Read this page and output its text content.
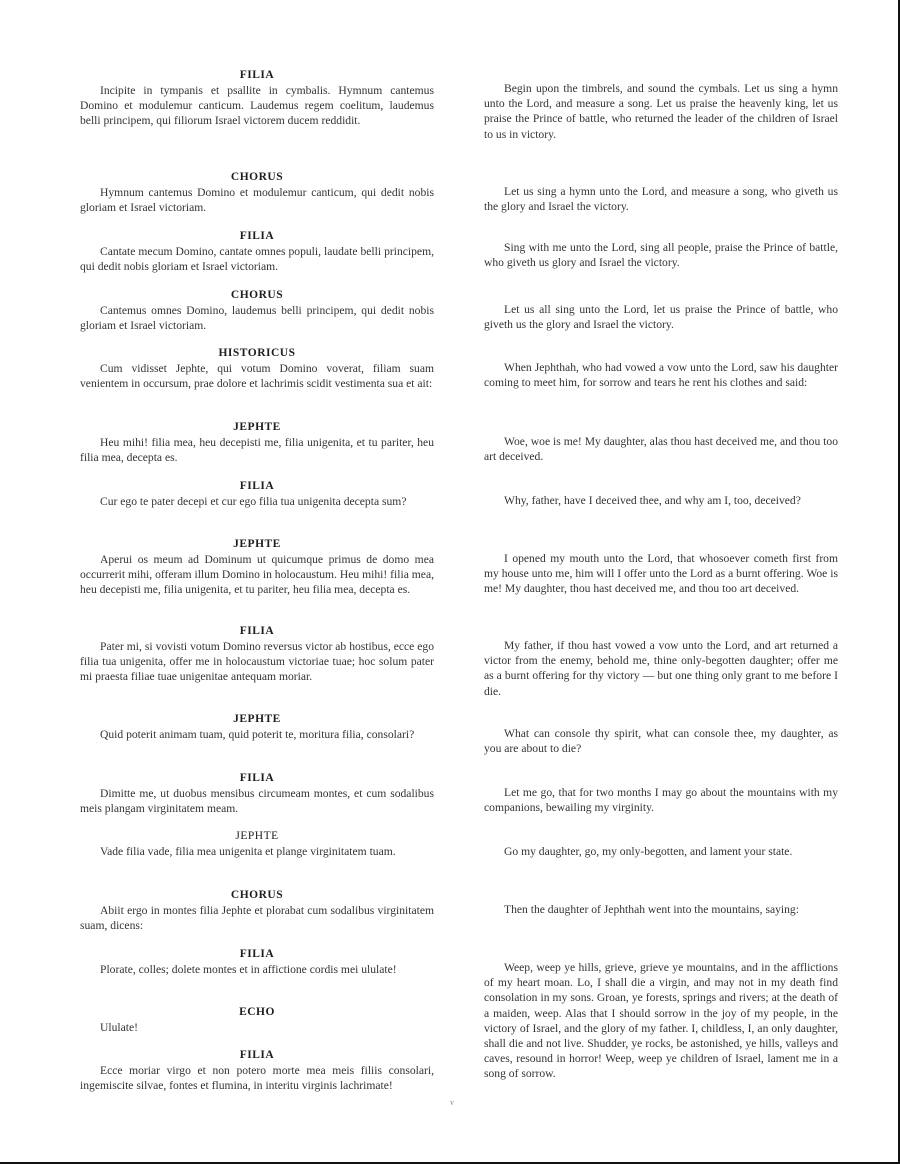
FILIA

Incipite in tympanis et psallite in cymbalis. Hymnum cantemus Domino et modulemur canticum. Laudemus regem coelitum, laudemus belli principem, qui filiorum Israel victorem ducem reddidit.

CHORUS

Hymnum cantemus Domino et modulemur canticum, qui dedit nobis gloriam et Israel victoriam.

FILIA

Cantate mecum Domino, cantate omnes populi, laudate belli principem, qui dedit nobis gloriam et Israel victoriam.

CHORUS

Cantemus omnes Domino, laudemus belli principem, qui dedit nobis gloriam et Israel victoriam.

HISTORICUS

Cum vidisset Jephte, qui votum Domino voverat, filiam suam venientem in occursum, prae dolore et lachrimis scidit vestimenta sua et ait:

JEPHTE

Heu mihi! filia mea, heu decepisti me, filia unigenita, et tu pariter, heu filia mea, decepta es.

FILIA

Cur ego te pater decepi et cur ego filia tua unigenita decepta sum?

JEPHTE

Aperui os meum ad Dominum ut quicumque primus de domo mea occurrerit mihi, offeram illum Domino in holocaustum. Heu mihi! filia mea, heu decepisti me, filia unigenita, et tu pariter, heu filia mea, decepta es.

FILIA

Pater mi, si vovisti votum Domino reversus victor ab hostibus, ecce ego filia tua unigenita, offer me in holocaustum victoriae tuae; hoc solum pater mi praesta filiae tuae unigenitae antequam moriar.

JEPHTE

Quid poterit animam tuam, quid poterit te, moritura filia, consolari?

FILIA

Dimitte me, ut duobus mensibus circumeam montes, et cum sodalibus meis plangam virginitatem meam.

JEPHTE

Vade filia vade, filia mea unigenita et plange virginitatem tuam.

CHORUS

Abiit ergo in montes filia Jephte et plorabat cum sodalibus virginitatem suam, dicens:

FILIA

Plorate, colles; dolete montes et in affictione cordis mei ululate!

ECHO

Ululate!

FILIA

Ecce moriar virgo et non potero morte mea meis filiis consolari, ingemiscite silvae, fontes et flumina, in interitu virginis lachrimate!

Begin upon the timbrels, and sound the cymbals. Let us sing a hymn unto the Lord, and measure a song. Let us praise the heavenly king, let us praise the Prince of battle, who returned the leader of the children of Israel to us in victory.

Let us sing a hymn unto the Lord, and measure a song, who giveth us the glory and Israel the victory.

Sing with me unto the Lord, sing all people, praise the Prince of battle, who giveth us glory and Israel the victory.

Let us all sing unto the Lord, let us praise the Prince of battle, who giveth us the glory and Israel the victory.

When Jephthah, who had vowed a vow unto the Lord, saw his daughter coming to meet him, for sorrow and tears he rent his clothes and said:

Woe, woe is me! My daughter, alas thou hast deceived me, and thou too art deceived.

Why, father, have I deceived thee, and why am I, too, deceived?

I opened my mouth unto the Lord, that whosoever cometh first from my house unto me, him will I offer unto the Lord as a burnt offering. Woe is me! My daughter, thou hast deceived me, and thou too art deceived.

My father, if thou hast vowed a vow unto the Lord, and art returned a victor from the enemy, behold me, thine only-begotten daughter; offer me as a burnt offering for thy victory — but one thing only grant to me before I die.

What can console thy spirit, what can console thee, my daughter, as you are about to die?

Let me go, that for two months I may go about the mountains with my companions, bewailing my virginity.

Go my daughter, go, my only-begotten, and lament your state.

Then the daughter of Jephthah went into the mountains, saying:

Weep, weep ye hills, grieve, grieve ye mountains, and in the afflictions of my heart moan. Lo, I shall die a virgin, and may not in my death find consolation in my sons. Groan, ye forests, springs and rivers; at the death of a maiden, weep. Alas that I should sorrow in the joy of my people, in the victory of Israel, and the glory of my father. I, childless, I, an only daughter, shall die and not live. Shudder, ye rocks, be astonished, ye hills, valleys and caves, resound in horror! Weep, weep ye children of Israel, lament me in a song of sorrow.

v
